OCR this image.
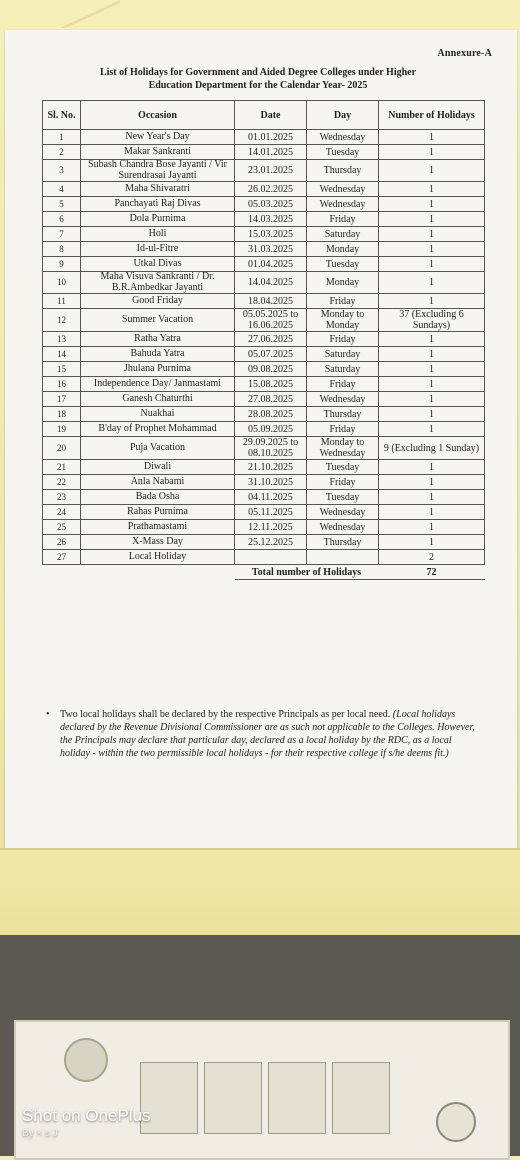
Annexure-A
List of Holidays for Government and Aided Degree Colleges under Higher
Education Department for the Calendar Year- 2025
Sl. No.	Occasion	Date	Day	Number of Holidays
1	New Year's Day	01.01.2025	Wednesday	1
2	Makar Sankranti	14.01.2025	Tuesday	1
3	Subash Chandra Bose Jayanti / Vir Surendrasai Jayanti	23.01.2025	Thursday	1
4	Maha Shivaratri	26.02.2025	Wednesday	1
5	Panchayati Raj Divas	05.03.2025	Wednesday	1
6	Dola Purnima	14.03.2025	Friday	1
7	Holi	15.03.2025	Saturday	1
8	Id-ul-Fitre	31.03.2025	Monday	1
9	Utkal Divas	01.04.2025	Tuesday	1
10	Maha Visuva Sankranti / Dr. B.R.Ambedkar Jayanti	14.04.2025	Monday	1
11	Good Friday	18.04.2025	Friday	1
12	Summer Vacation	05.05.2025 to 16.06.2025	Monday to Monday	37 (Excluding 6 Sundays)
13	Ratha Yatra	27.06.2025	Friday	1
14	Bahuda Yatra	05.07.2025	Saturday	1
15	Jhulana Purnima	09.08.2025	Saturday	1
16	Independence Day/ Janmastami	15.08.2025	Friday	1
17	Ganesh Chaturthi	27.08.2025	Wednesday	1
18	Nuakhai	28.08.2025	Thursday	1
19	B'day of Prophet Mohammad	05.09.2025	Friday	1
20	Puja Vacation	29.09.2025 to 08.10.2025	Monday to Wednesday	9 (Excluding 1 Sunday)
21	Diwali	21.10.2025	Tuesday	1
22	Anla Nabami	31.10.2025	Friday	1
23	Bada Osha	04.11.2025	Tuesday	1
24	Rahas Purnima	05.11.2025	Wednesday	1
25	Prathamastami	12.11.2025	Wednesday	1
26	X-Mass Day	25.12.2025	Thursday	1
27	Local Holiday			2
		Total number of Holidays		72
• Two local holidays shall be declared by the respective Principals as per local need. (Local holidays declared by the Revenue Divisional Commissioner are as such not applicable to the Colleges. However, the Principals may declare that particular day, declared as a local holiday by the RDC, as a local holiday - within the two permissible local holidays - for their respective college if s/he deems fit.)
Shot on OnePlus
By × s J
